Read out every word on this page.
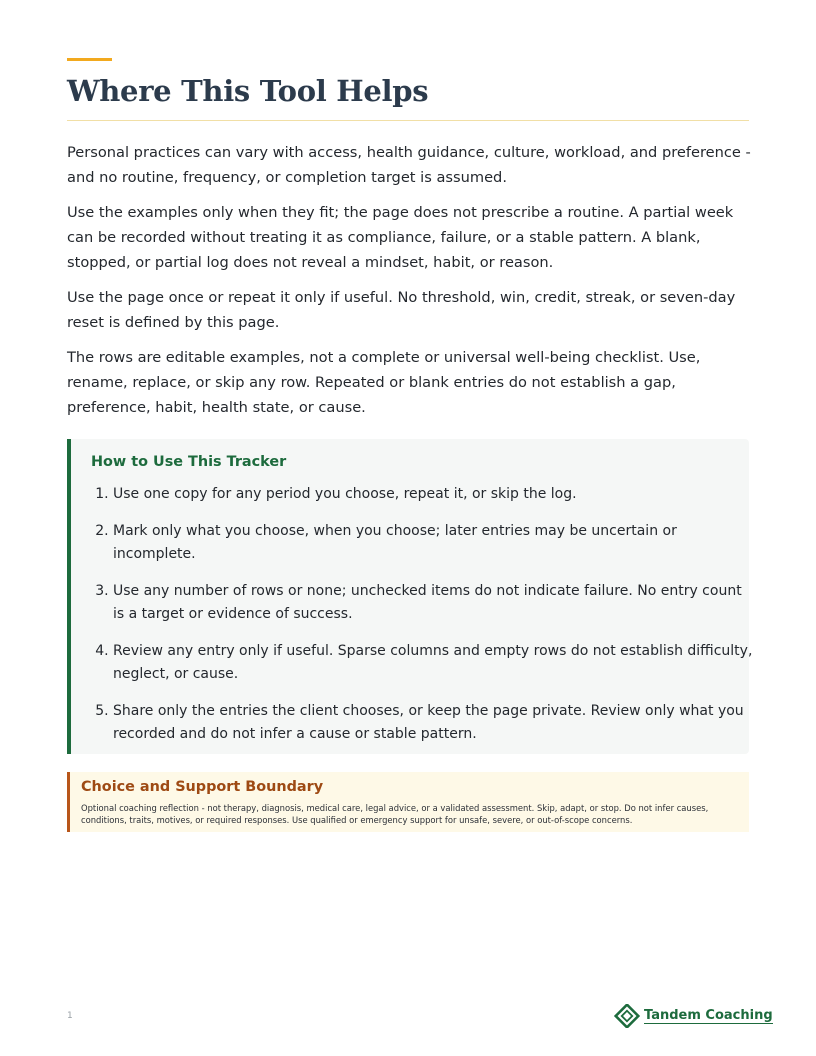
Where This Tool Helps

Personal practices can vary with access, health guidance, culture, workload, and preference - and no routine, frequency, or completion target is assumed.

Use the examples only when they fit; the page does not prescribe a routine. A partial week can be recorded without treating it as compliance, failure, or a stable pattern. A blank, stopped, or partial log does not reveal a mindset, habit, or reason.

Use the page once or repeat it only if useful. No threshold, win, credit, streak, or seven-day reset is defined by this page.

The rows are editable examples, not a complete or universal well-being checklist. Use, rename, replace, or skip any row. Repeated or blank entries do not establish a gap, preference, habit, health state, or cause.

How to Use This Tracker
1. Use one copy for any period you choose, repeat it, or skip the log.
2. Mark only what you choose, when you choose; later entries may be uncertain or incomplete.
3. Use any number of rows or none; unchecked items do not indicate failure. No entry count is a target or evidence of success.
4. Review any entry only if useful. Sparse columns and empty rows do not establish difficulty, neglect, or cause.
5. Share only the entries the client chooses, or keep the page private. Review only what you recorded and do not infer a cause or stable pattern.
Choice and Support Boundary

Optional coaching reflection - not therapy, diagnosis, medical care, legal advice, or a validated assessment. Skip, adapt, or stop. Do not infer causes, conditions, traits, motives, or required responses. Use qualified or emergency support for unsafe, severe, or out-of-scope concerns.

1	Tandem Coaching
